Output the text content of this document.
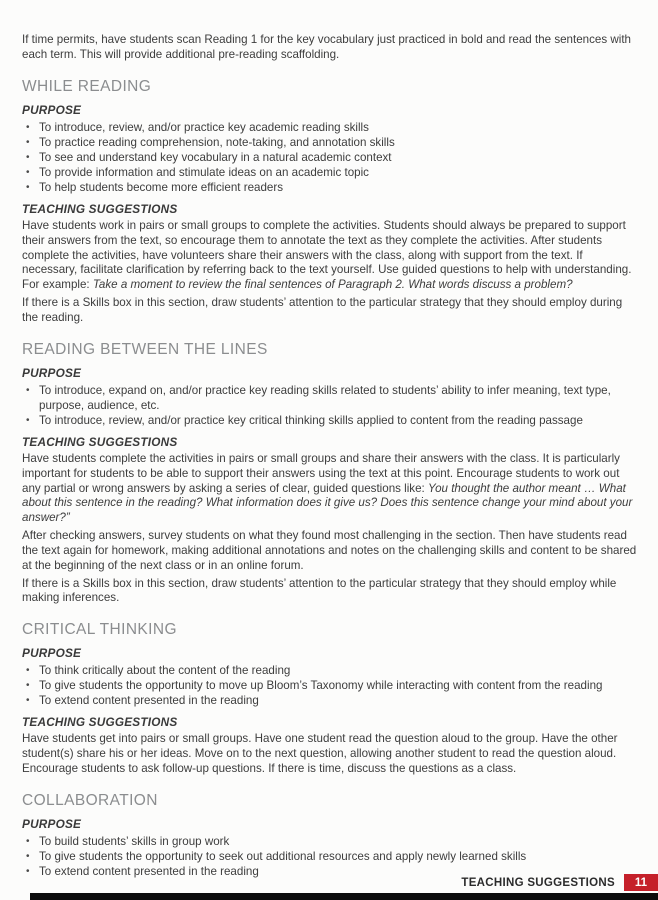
If time permits, have students scan Reading 1 for the key vocabulary just practiced in bold and read the sentences with each term. This will provide additional pre-reading scaffolding.

WHILE READING
PURPOSE
• To introduce, review, and/or practice key academic reading skills
• To practice reading comprehension, note-taking, and annotation skills
• To see and understand key vocabulary in a natural academic context
• To provide information and stimulate ideas on an academic topic
• To help students become more efficient readers
TEACHING SUGGESTIONS

Have students work in pairs or small groups to complete the activities. Students should always be prepared to support their answers from the text, so encourage them to annotate the text as they complete the activities. After students complete the activities, have volunteers share their answers with the class, along with support from the text. If necessary, facilitate clarification by referring back to the text yourself. Use guided questions to help with understanding. For example: Take a moment to review the final sentences of Paragraph 2. What words discuss a problem?

If there is a Skills box in this section, draw students’ attention to the particular strategy that they should employ during the reading.

READING BETWEEN THE LINES
PURPOSE
• To introduce, expand on, and/or practice key reading skills related to students’ ability to infer meaning, text type, purpose, audience, etc.
• To introduce, review, and/or practice key critical thinking skills applied to content from the reading passage
TEACHING SUGGESTIONS

Have students complete the activities in pairs or small groups and share their answers with the class. It is particularly important for students to be able to support their answers using the text at this point. Encourage students to work out any partial or wrong answers by asking a series of clear, guided questions like: You thought the author meant … What about this sentence in the reading? What information does it give us? Does this sentence change your mind about your answer?”

After checking answers, survey students on what they found most challenging in the section. Then have students read the text again for homework, making additional annotations and notes on the challenging skills and content to be shared at the beginning of the next class or in an online forum.

If there is a Skills box in this section, draw students’ attention to the particular strategy that they should employ while making inferences.

CRITICAL THINKING
PURPOSE
• To think critically about the content of the reading
• To give students the opportunity to move up Bloom’s Taxonomy while interacting with content from the reading
• To extend content presented in the reading
TEACHING SUGGESTIONS

Have students get into pairs or small groups. Have one student read the question aloud to the group. Have the other student(s) share his or her ideas. Move on to the next question, allowing another student to read the question aloud. Encourage students to ask follow-up questions. If there is time, discuss the questions as a class.

COLLABORATION
PURPOSE
• To build students’ skills in group work
• To give students the opportunity to seek out additional resources and apply newly learned skills
• To extend content presented in the reading
TEACHING SUGGESTIONS	11
